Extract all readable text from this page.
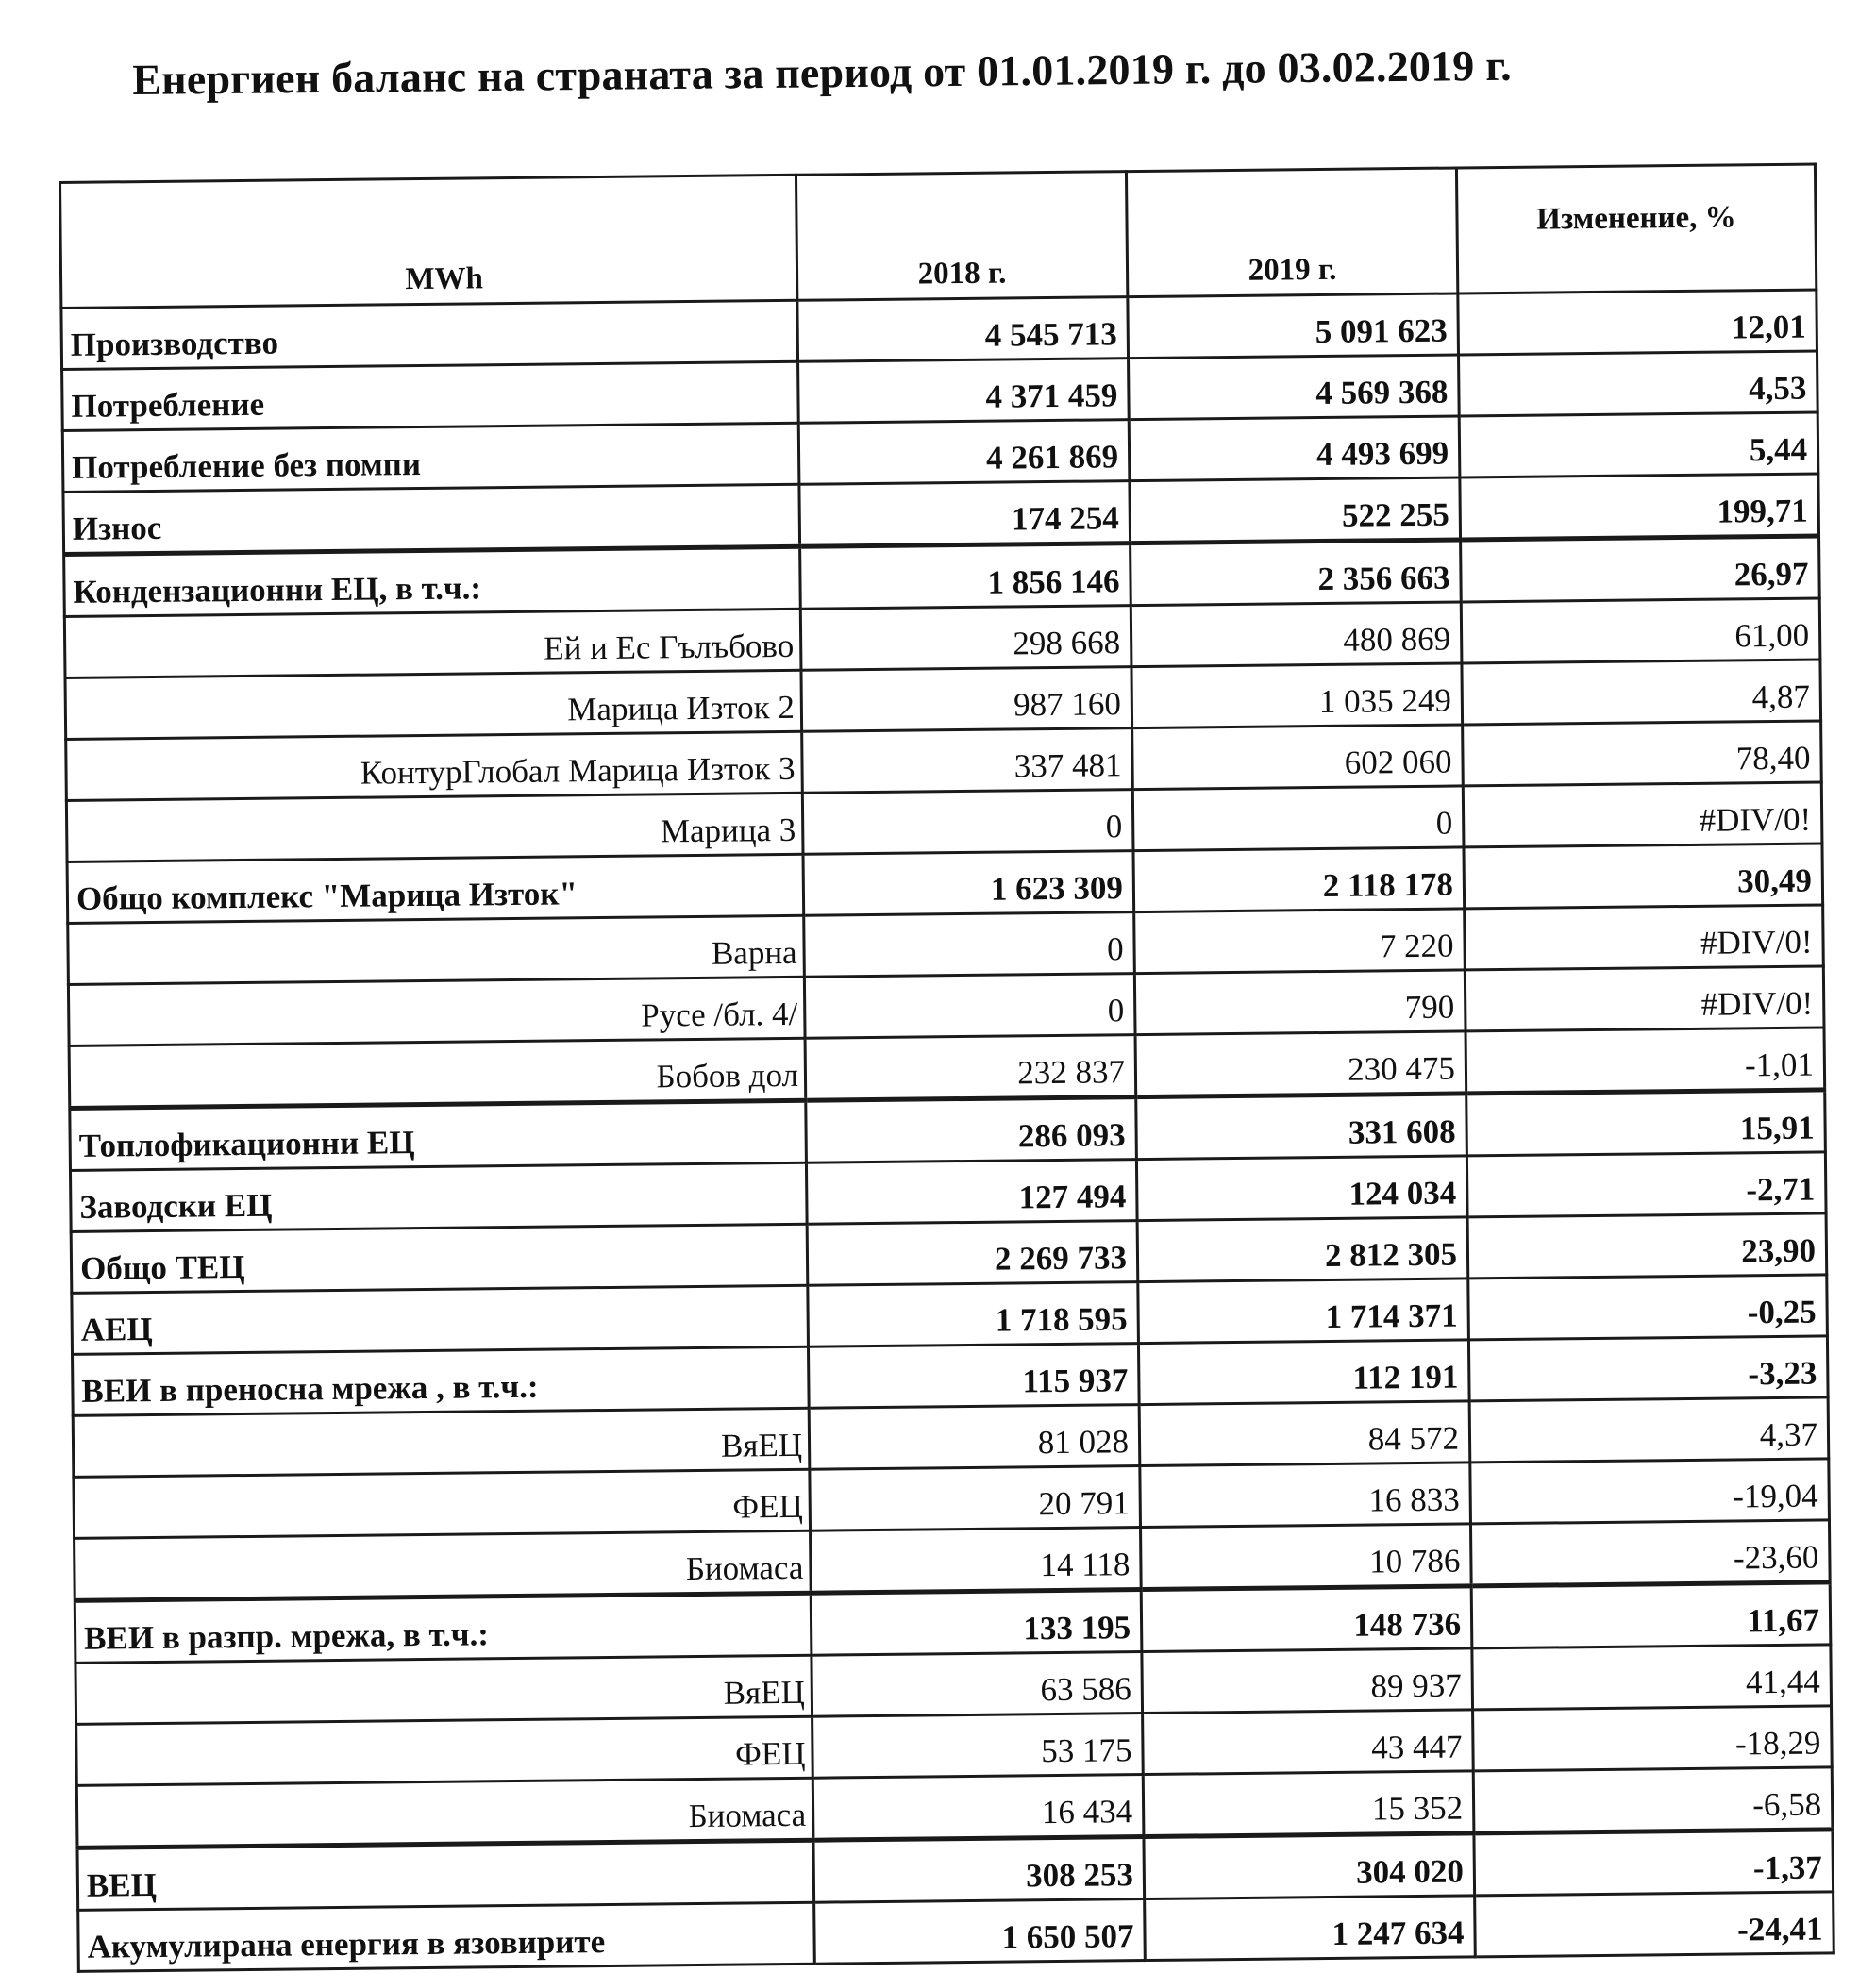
Енергиен баланс на страната за период от 01.01.2019 г. до 03.02.2019 г.
MWh	2018 г.	2019 г.	Изменение, %
Производство	4 545 713	5 091 623	12,01
Потребление	4 371 459	4 569 368	4,53
Потребление без помпи	4 261 869	4 493 699	5,44
Износ	174 254	522 255	199,71
Кондензационни ЕЦ, в т.ч.:	1 856 146	2 356 663	26,97
Ей и Ес Гълъбово	298 668	480 869	61,00
Марица Изток 2	987 160	1 035 249	4,87
КонтурГлобал Марица Изток 3	337 481	602 060	78,40
Марица 3	0	0	#DIV/0!
Общо комплекс "Марица Изток"	1 623 309	2 118 178	30,49
Варна	0	7 220	#DIV/0!
Русе /бл. 4/	0	790	#DIV/0!
Бобов дол	232 837	230 475	-1,01
Топлофикационни ЕЦ	286 093	331 608	15,91
Заводски ЕЦ	127 494	124 034	-2,71
Общо ТЕЦ	2 269 733	2 812 305	23,90
АЕЦ	1 718 595	1 714 371	-0,25
ВЕИ в преносна мрежа , в т.ч.:	115 937	112 191	-3,23
ВяЕЦ	81 028	84 572	4,37
ФЕЦ	20 791	16 833	-19,04
Биомаса	14 118	10 786	-23,60
ВЕИ в разпр. мрежа, в т.ч.:	133 195	148 736	11,67
ВяЕЦ	63 586	89 937	41,44
ФЕЦ	53 175	43 447	-18,29
Биомаса	16 434	15 352	-6,58
ВЕЦ	308 253	304 020	-1,37
Акумулирана енергия в язовирите	1 650 507	1 247 634	-24,41
